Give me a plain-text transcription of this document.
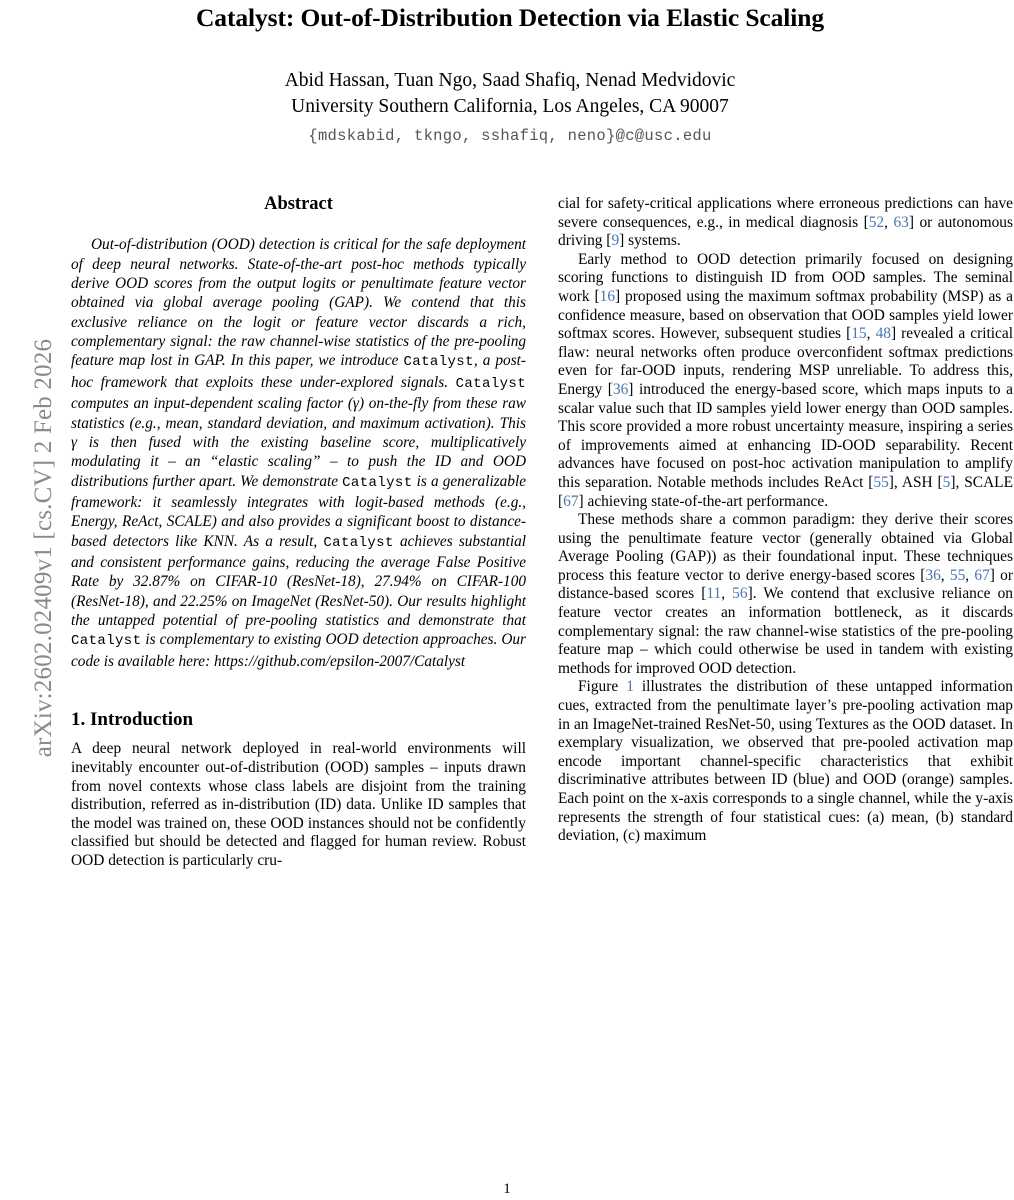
arXiv:2602.02409v1 [cs.CV] 2 Feb 2026
Catalyst: Out-of-Distribution Detection via Elastic Scaling
Abid Hassan, Tuan Ngo, Saad Shafiq, Nenad Medvidovic
University Southern California, Los Angeles, CA 90007
{mdskabid, tkngo, sshafiq, neno}@c@usc.edu
Abstract

Out-of-distribution (OOD) detection is critical for the safe deployment of deep neural networks. State-of-the-art post-hoc methods typically derive OOD scores from the output logits or penultimate feature vector obtained via global average pooling (GAP). We contend that this exclusive reliance on the logit or feature vector discards a rich, complementary signal: the raw channel-wise statistics of the pre-pooling feature map lost in GAP. In this paper, we introduce Catalyst, a post-hoc framework that exploits these under-explored signals. Catalyst computes an input-dependent scaling factor (γ) on-the-fly from these raw statistics (e.g., mean, standard deviation, and maximum activation). This γ is then fused with the existing baseline score, multiplicatively modulating it – an “elastic scaling” – to push the ID and OOD distributions further apart. We demonstrate Catalyst is a generalizable framework: it seamlessly integrates with logit-based methods (e.g., Energy, ReAct, SCALE) and also provides a significant boost to distance-based detectors like KNN. As a result, Catalyst achieves substantial and consistent performance gains, reducing the average False Positive Rate by 32.87% on CIFAR-10 (ResNet-18), 27.94% on CIFAR-100 (ResNet-18), and 22.25% on ImageNet (ResNet-50). Our results highlight the untapped potential of pre-pooling statistics and demonstrate that Catalyst is complementary to existing OOD detection approaches. Our code is available here: https://github.com/epsilon-2007/Catalyst

1. Introduction

A deep neural network deployed in real-world environments will inevitably encounter out-of-distribution (OOD) samples – inputs drawn from novel contexts whose class labels are disjoint from the training distribution, referred as in-distribution (ID) data. Unlike ID samples that the model was trained on, these OOD instances should not be confidently classified but should be detected and flagged for human review. Robust OOD detection is particularly cru-

cial for safety-critical applications where erroneous predictions can have severe consequences, e.g., in medical diagnosis [52, 63] or autonomous driving [9] systems.

Early method to OOD detection primarily focused on designing scoring functions to distinguish ID from OOD samples. The seminal work [16] proposed using the maximum softmax probability (MSP) as a confidence measure, based on observation that OOD samples yield lower softmax scores. However, subsequent studies [15, 48] revealed a critical flaw: neural networks often produce overconfident softmax predictions even for far-OOD inputs, rendering MSP unreliable. To address this, Energy [36] introduced the energy-based score, which maps inputs to a scalar value such that ID samples yield lower energy than OOD samples. This score provided a more robust uncertainty measure, inspiring a series of improvements aimed at enhancing ID-OOD separability. Recent advances have focused on post-hoc activation manipulation to amplify this separation. Notable methods includes ReAct [55], ASH [5], SCALE [67] achieving state-of-the-art performance.

These methods share a common paradigm: they derive their scores using the penultimate feature vector (generally obtained via Global Average Pooling (GAP)) as their foundational input. These techniques process this feature vector to derive energy-based scores [36, 55, 67] or distance-based scores [11, 56]. We contend that exclusive reliance on feature vector creates an information bottleneck, as it discards complementary signal: the raw channel-wise statistics of the pre-pooling feature map – which could otherwise be used in tandem with existing methods for improved OOD detection.

Figure 1 illustrates the distribution of these untapped information cues, extracted from the penultimate layer’s pre-pooling activation map in an ImageNet-trained ResNet-50, using Textures as the OOD dataset. In exemplary visualization, we observed that pre-pooled activation map encode important channel-specific characteristics that exhibit discriminative attributes between ID (blue) and OOD (orange) samples. Each point on the x-axis corresponds to a single channel, while the y-axis represents the strength of four statistical cues: (a) mean, (b) standard deviation, (c) maximum

1
